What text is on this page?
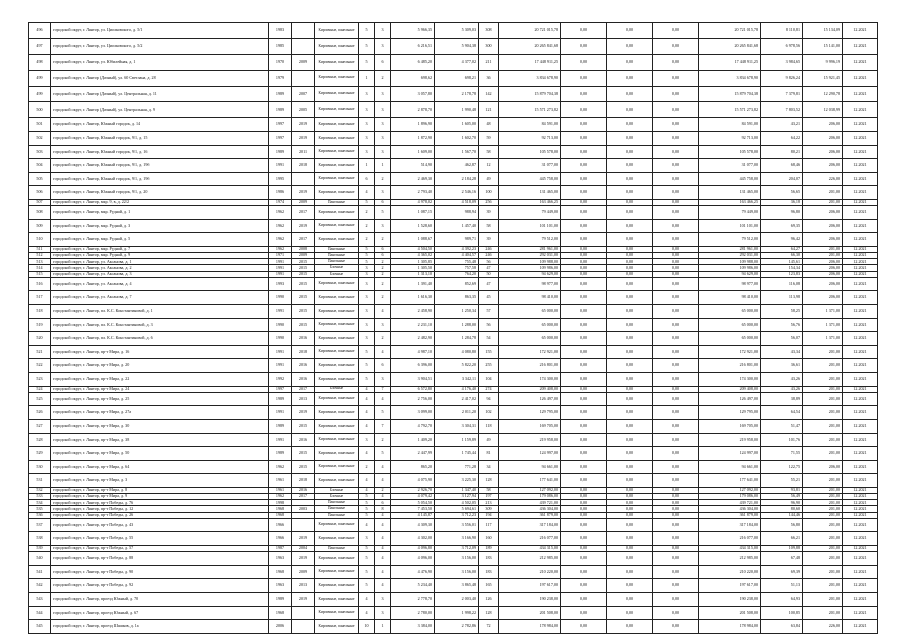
496	городской округ, г. Лянтор, ул. Циолковского, д. 5/1	1983		Кирпичные, панельные	5	3	5 966,35	5 309,03	308	20 721 015,78	0,00	0,00	0,00	20 721 015,78	8 110,81	15 134,09	12.2021
497	городской округ, г. Лянтор, ул. Циолковского, д. 5/2	1985		Кирпичные, панельные	5	3	6 216,51	5 904,38	300	20 265 841,68	0,00	0,00	0,00	20 265 841,68	6 978,56	15 141,00	12.2021
498	городской округ, г. Лянтор, ул. Юбилейная, д. 1	1970	2009	Кирпичные, панельные	5	6	6 485,20	4 377,02	211	17 448 911,25	0,00	0,00	0,00	17 448 911,25	3 984,65	9 996,19	12.2021
499	городской округ, г. Лянтор (Дачный), ул. 60 Светлана, д. 28	1979		Кирпичные, панельные	1	2	698,62	698,21	36	3 834 678,90	0,00	0,00	0,00	3 834 678,90	9 826,24	15 921,45	12.2021
499	городской округ, г. Лянтор (Дачный), ул. Центральная, д. 11	1989	2007	Кирпичные, панельные	3	3	3 057,80	2 178,78	142	15 879 704,38	0,00	0,00	0,00	15 879 704,38	7 379,81	12 290,78	12.2021
500	городской округ, г. Лянтор (Дачный), ул. Центральная, д. 9	1989	2005	Кирпичные, панельные	3	3	2 878,70	1 990,48	121	15 571 273,82	0,00	0,00	0,00	15 571 273,82	7 803,52	12 038,99	12.2021
501	городской округ, г. Лянтор, Южный городок, д. 14	1997	2019	Кирпичные, панельные	3	3	1 896,90	1 605,00	48	84 591,00	0,00	0,00	0,00	84 591,00	43,21	206,00	12.2021
502	городской округ, г. Лянтор, Южный городок, 9/1, д. 15	1997	2019	Кирпичные, панельные	3	3	1 872,90	1 602,70	59	92 713,00	0,00	0,00	0,00	92 713,00	64,22	206,00	12.2021
503	городской округ, г. Лянтор, Южный городок, 9/1, д. 16	1989	2011	Кирпичные, панельные	3	3	1 609,00	1 567,70	58	105 578,00	0,00	0,00	0,00	105 578,00	80,21	206,00	12.2021
504	городской округ, г. Лянтор, Южный городок, 9/1, д. 19б	1991	2018	Кирпичные, панельные	1	1	514,90	462,87	12	31 077,00	0,00	0,00	0,00	31 077,00	68,46	206,00	12.2021
505	городской округ, г. Лянтор, Южный городок, 9/1, д. 19б	1995		Кирпичные, панельные	6	2	2 469,30	2 184,28	49	445 758,00	0,00	0,00	0,00	445 758,00	204,07	226,00	12.2021
506	городской округ, г. Лянтор, Южный городок, 9/1, д. 20	1986	2019	Кирпичные, панельные	4	3	2 793,40	2 546,16	100	131 465,00	0,00	0,00	0,00	131 465,00	56,65	201,00	12.2021
507	городской округ, г. Лянтор, мкр. 9, в, д. 22/2	1974	2009	Панельные	5	6	4 978,02	4 518,09	256	163 466,25	0,00	0,00	0,00	163 466,25	36,18	201,00	12.2021
508	городской округ, г. Лянтор, мкр. Руднай, д. 1	1962	2017	Кирпичные, панельные	2	5	1 087,15	988,94	39	79 449,00	0,00	0,00	0,00	79 449,00	96,80	206,00	12.2021
509	городской округ, г. Лянтор, мкр. Руднай, д. 3	1962	2019	Кирпичные, панельные	2	3	1 528,60	1 457,40	58	101 101,00	0,00	0,00	0,00	101 101,00	69,35	206,00	12.2021
510	городской округ, г. Лянтор, мкр. Руднай, д. 5	1962	2017	Кирпичные, панельные	2	2	1 088,67	989,71	39	79 512,00	0,00	0,00	0,00	79 512,00	96,42	206,00	12.2021
511	городской округ, г. Лянтор, мкр. Руднай, д. 7	1962	2008	Панельные	5	6	4 504,50	4 392,23	246	281 961,00	0,00	0,00	0,00	281 961,00	64,27	201,00	12.2021
512	городской округ, г. Лянтор, мкр. Руднай, д. 9	1971	2009	Панельные	5	6	4 365,02	4 404,57	246	292 031,00	0,00	0,00	0,00	292 031,00	66,30	201,00	12.2021
513	городской округ, г. Лянтор, ул. Аксанова, д. 1	1991	2015	Панельные	5	2	1 305,85	755,48	56	109 988,00	0,00	0,00	0,00	109 988,00	145,61	206,00	12.2021
514	городской округ, г. Лянтор, ул. Аксанова, д. 2	1991	2015	Блочные	3	2	1 305,50	757,58	47	109 986,00	0,00	0,00	0,00	109 986,00	154,34	206,00	12.2021
515	городской округ, г. Лянтор, ул. Аксанова, д. 3	1991	2015	Блочные	3	2	1 313,10	764,20	50	94 629,00	0,00	0,00	0,00	94 629,00	123,83	206,00	12.2021
516	городской округ, г. Лянтор, ул. Аксанова, д. 4	1993	2015	Кирпичные, панельные	3	2	1 391,40	852,69	47	98 977,00	0,00	0,00	0,00	98 977,00	116,08	206,00	12.2021
517	городской округ, г. Лянтор, ул. Аксанова, д. 7	1990	2015	Кирпичные, панельные	3	2	1 616,30	863,35	45	98 410,00	0,00	0,00	0,00	98 410,00	113,98	206,00	12.2021
518	городской округ, г. Лянтор, пл. К.С. Константиновой, д. 1	1991	2015	Кирпичные, панельные	3	4	2 458,90	1 250,34	57	65 000,00	0,00	0,00	0,00	65 000,00	58,25	1 371,00	12.2021
519	городской округ, г. Лянтор, пл. К.С. Константиновой, д. 3	1990	2015	Кирпичные, панельные	3	3	2 231,10	1 288,00	56	65 000,00	0,00	0,00	0,00	65 000,00	56,76	1 371,00	12.2021
520	городской округ, г. Лянтор, пл. К.С. Константиновой, д. 6	1990	2016	Кирпичные, панельные	3	2	2 482,90	1 284,78	54	65 000,00	0,00	0,00	0,00	65 000,00	56,07	1 371,00	12.2021
521	городской округ, г. Лянтор, пр-т Мира, д. 16	1991	2018	Кирпичные, панельные	5	4	4 987,10	4 080,80	155	172 921,00	0,00	0,00	0,00	172 921,00	43,34	201,00	12.2021
522	городской округ, г. Лянтор, пр-т Мира, д. 20	1991	2016	Кирпичные, панельные	5	6	6 396,00	5 822,20	255	216 801,00	0,00	0,00	0,00	216 801,00	36,61	201,00	12.2021
523	городской округ, г. Лянтор, пр-т Мира, д. 22	1992	2016	Кирпичные, панельные	5	3	3 904,51	3 342,11	104	174 300,00	0,00	0,00	0,00	174 300,00	43,26	201,00	12.2021
524	городской округ, г. Лянтор, пр-т Мира, д. 24	1997	2017	Блочные	4	7	6 572,80	4 176,40	274	209 408,00	0,00	0,00	0,00	209 408,00	43,26	201,00	12.2021
525	городской округ, г. Лянтор, пр-т Мира, д. 25	1989	2013	Кирпичные, панельные	4	4	2 756,00	2 417,02	94	126 497,00	0,00	0,00	0,00	126 497,00	38,89	201,00	12.2021
526	городской округ, г. Лянтор, пр-т Мира, д. 27а	1991	2019	Кирпичные, панельные	4	5	3 099,00	2 011,20	102	129 795,00	0,00	0,00	0,00	129 795,00	64,54	201,00	12.2021
527	городской округ, г. Лянтор, пр-т Мира, д. 30	1989	2015	Кирпичные, панельные	4	7	4 792,70	3 304,31	118	169 705,00	0,00	0,00	0,00	169 705,00	51,47	201,00	12.2021
528	городской округ, г. Лянтор, пр-т Мира, д. 38	1991	2016	Кирпичные, панельные	3	2	1 409,20	1 159,89	49	219 958,00	0,00	0,00	0,00	219 958,00	101,76	201,00	12.2021
529	городской округ, г. Лянтор, пр-т Мира, д. 50	1989	2015	Кирпичные, панельные	4	5	2 447,99	1 745,44	81	124 997,00	0,00	0,00	0,00	124 997,00	71,55	201,00	12.2021
530	городской округ, г. Лянтор, пр-т Мира, д. 64	1962	2015	Кирпичные, панельные	2	4	865,20	771,28	34	94 661,00	0,00	0,00	0,00	94 661,00	122,75	206,00	12.2021
531	городской округ, г. Лянтор, пр-т Мира, д. 3	1961	2018	Кирпичные, панельные	4	4	4 075,90	3 225,30	128	177 641,00	0,00	0,00	0,00	177 641,00	55,21	201,00	12.2021
532	городской округ, г. Лянтор, пр-т Мира, д. 8	1961	2016	Блочные	4	2	2 926,70	1 347,40	58	127 092,00	0,00	0,00	0,00	127 092,00	93,81	201,00	12.2021
533	городской округ, г. Лянтор, пр-т Мира, д. 9	1962	2017	Блочные	5	4	4 079,42	3 127,94	197	179 086,00	0,00	0,00	0,00	179 086,00	56,49	201,00	12.2021
534	городской округ, г. Лянтор, пр-т Победы, д. 76	1998		Панельные	5	6	5 054,50	4 502,05	213	439 721,00	0,00	0,00	0,00	439 721,00	96,90	201,00	12.2021
535	городской округ, г. Лянтор, пр-т Победы, д. 12	1968	2003	Панельные	5	8	7 453,50	5 694,61	309	436 304,00	0,00	0,00	0,00	436 304,00	80,60	201,00	12.2021
536	городской округ, г. Лянтор, пр-т Победы, д. 26	1968		Панельные	5	4	4 145,87	3 712,23	194	361 879,00	0,00	0,00	0,00	361 879,00	144,46	201,00	12.2021
537	городской округ, г. Лянтор, пр-т Победы, д. 43	1966		Кирпичные, панельные	4	4	4 309,30	3 556,01	117	317 184,00	0,00	0,00	0,00	317 184,00	56,80	201,00	12.2021
538	городской округ, г. Лянтор, пр-т Победы, д. 55	1966	2019	Кирпичные, панельные	3	4	4 302,00	3 166,90	160	216 077,00	0,00	0,00	0,00	216 077,00	66,21	201,00	12.2021
539	городской округ, г. Лянтор, пр-т Победы, д. 57	1987	2004	Панельные	5	4	4 096,80	3 712,09	189	434 315,00	0,00	0,00	0,00	434 315,00	109,88	201,00	12.2021
540	городской округ, г. Лянтор, пр-т Победы, д. 88	1963	2019	Кирпичные, панельные	5	4	4 096,00	3 156,00	183	212 985,00	0,00	0,00	0,00	212 985,00	67,48	201,00	12.2021
541	городской округ, г. Лянтор, пр-т Победы, д. 90	1968	2009	Кирпичные, панельные	5	4	4 476,90	3 156,00	183	210 220,00	0,00	0,00	0,00	210 220,00	69,39	201,00	12.2021
542	городской округ, г. Лянтор, пр-т Победы, д. 92	1963	2013	Кирпичные, панельные	5	4	5 234,40	3 865,48	165	197 617,00	0,00	0,00	0,00	197 617,00	51,13	201,00	12.2021
543	городской округ, г. Лянтор, проезд Южный, д. 70	1989	2019	Кирпичные, панельные	4	3	2 778,70	2 003,40	126	190 238,00	0,00	0,00	0,00	190 238,00	64,93	201,00	12.2021
544	городской округ, г. Лянтор, проезд Южный, д. 67	1968		Кирпичные, панельные	4	3	2 780,00	1 998,22	128	201 508,00	0,00	0,00	0,00	201 508,00	100,85	201,00	12.2021
545	городской округ, г. Лянтор, проезд Шашков, д. 1а	2006		Кирпичные, панельные	10	1	3 384,00	2 782,86	72	178 984,00	0,00	0,00	0,00	178 984,00	63,84	226,00	12.2021
